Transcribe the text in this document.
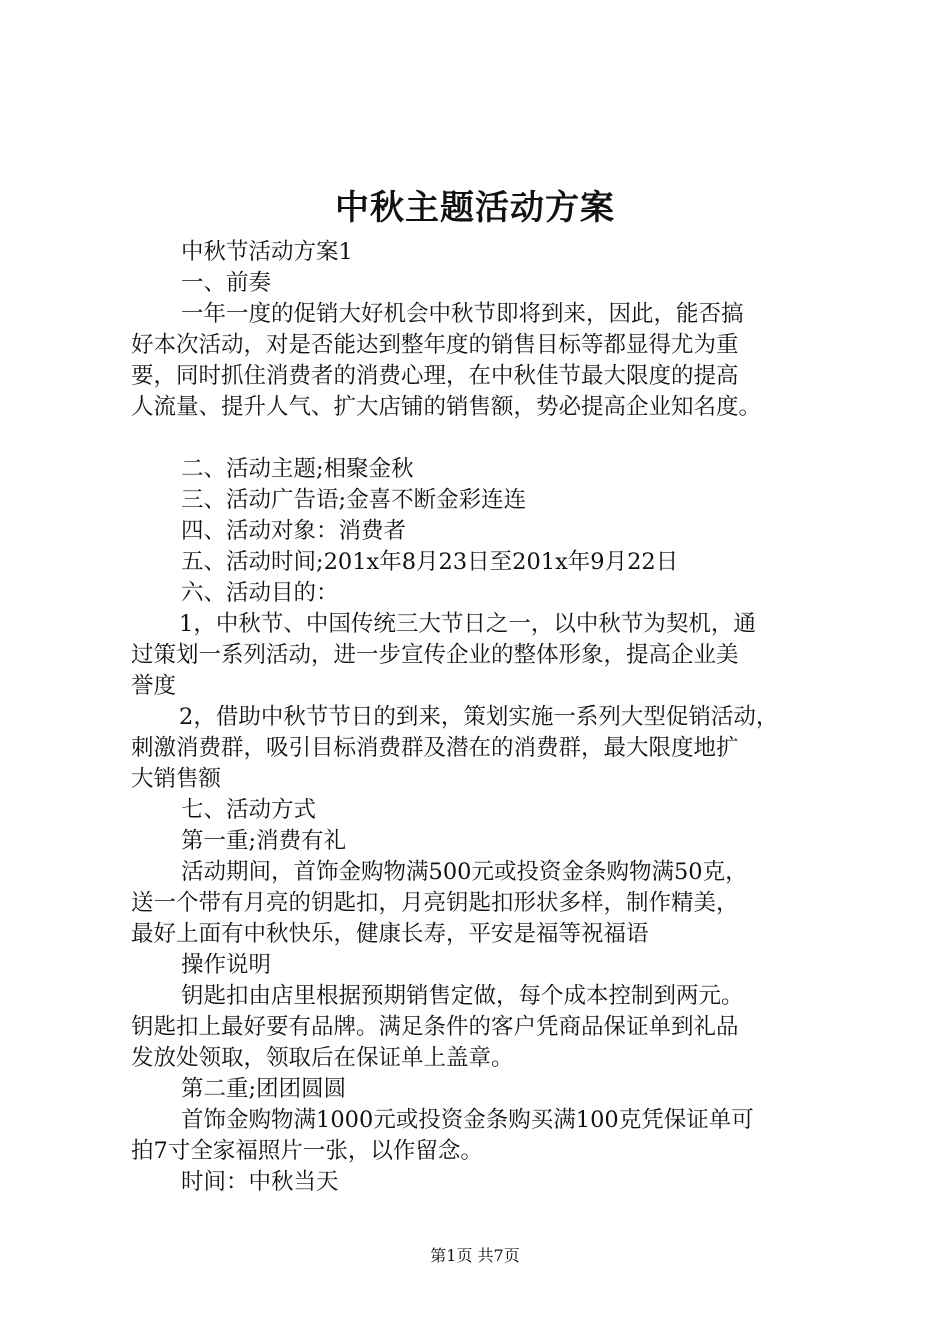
中秋主题活动方案
中秋节活动方案1
一、前奏
一年一度的促销大好机会中秋节即将到来，因此，能否搞
好本次活动，对是否能达到整年度的销售目标等都显得尤为重
要，同时抓住消费者的消费心理，在中秋佳节最大限度的提高
人流量、提升人气、扩大店铺的销售额，势必提高企业知名度。
二、活动主题;相聚金秋
三、活动广告语;金喜不断金彩连连
四、活动对象：消费者
五、活动时间;201x年8月23日至201x年9月22日
六、活动目的：
1，中秋节、中国传统三大节日之一，以中秋节为契机，通
过策划一系列活动，进一步宣传企业的整体形象，提高企业美
誉度
2，借助中秋节节日的到来，策划实施一系列大型促销活动，
刺激消费群，吸引目标消费群及潜在的消费群，最大限度地扩
大销售额
七、活动方式
第一重;消费有礼
活动期间，首饰金购物满500元或投资金条购物满50克，
送一个带有月亮的钥匙扣，月亮钥匙扣形状多样，制作精美，
最好上面有中秋快乐，健康长寿，平安是福等祝福语
操作说明
钥匙扣由店里根据预期销售定做，每个成本控制到两元。
钥匙扣上最好要有品牌。满足条件的客户凭商品保证单到礼品
发放处领取，领取后在保证单上盖章。
第二重;团团圆圆
首饰金购物满1000元或投资金条购买满100克凭保证单可
拍7寸全家福照片一张，以作留念。
时间：中秋当天
第1页 共7页
